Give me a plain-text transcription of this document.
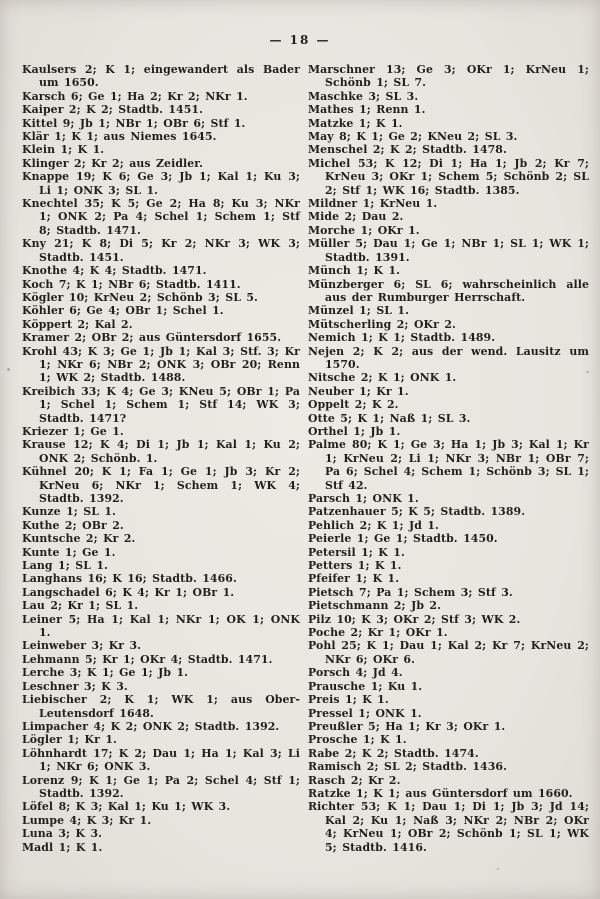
— 18 —

Kaulsers 2; K 1; eingewandert als Bader um 1650.

Karsch 6; Ge 1; Ha 2; Kr 2; NKr 1.

Kaiper 2; K 2; Stadtb. 1451.

Kittel 9; Jb 1; NBr 1; OBr 6; Stf 1.

Klär 1; K 1; aus Niemes 1645.

Klein 1; K 1.

Klinger 2; Kr 2; aus Zeidler.

Knappe 19; K 6; Ge 3; Jb 1; Kal 1; Ku 3; Li 1; ONK 3; SL 1.

Knechtel 35; K 5; Ge 2; Ha 8; Ku 3; NKr 1; ONK 2; Pa 4; Schel 1; Schem 1; Stf 8; Stadtb. 1471.

Kny 21; K 8; Di 5; Kr 2; NKr 3; WK 3; Stadtb. 1451.

Knothe 4; K 4; Stadtb. 1471.

Koch 7; K 1; NBr 6; Stadtb. 1411.

Kögler 10; KrNeu 2; Schönb 3; SL 5.

Köhler 6; Ge 4; OBr 1; Schel 1.

Köppert 2; Kal 2.

Kramer 2; OBr 2; aus Güntersdorf 1655.

Krohl 43; K 3; Ge 1; Jb 1; Kal 3; Stf. 3; Kr 1; NKr 6; NBr 2; ONK 3; OBr 20; Renn 1; WK 2; Stadtb. 1488.

Kreibich 33; K 4; Ge 3; KNeu 5; OBr 1; Pa 1; Schel 1; Schem 1; Stf 14; WK 3; Stadtb. 1471?

Kriezer 1; Ge 1.

Krause 12; K 4; Di 1; Jb 1; Kal 1; Ku 2; ONK 2; Schönb. 1.

Kühnel 20; K 1; Fa 1; Ge 1; Jb 3; Kr 2; KrNeu 6; NKr 1; Schem 1; WK 4; Stadtb. 1392.

Kunze 1; SL 1.

Kuthe 2; OBr 2.

Kuntsche 2; Kr 2.

Kunte 1; Ge 1.

Lang 1; SL 1.

Langhans 16; K 16; Stadtb. 1466.

Langschadel 6; K 4; Kr 1; OBr 1.

Lau 2; Kr 1; SL 1.

Leiner 5; Ha 1; Kal 1; NKr 1; OK 1; ONK 1.

Leinweber 3; Kr 3.

Lehmann 5; Kr 1; OKr 4; Stadtb. 1471.

Lerche 3; K 1; Ge 1; Jb 1.

Leschner 3; K 3.

Liebischer 2; K 1; WK 1; aus Ober-Leutensdorf 1648.

Limpacher 4; K 2; ONK 2; Stadtb. 1392.

Lögler 1; Kr 1.

Löhnhardt 17; K 2; Dau 1; Ha 1; Kal 3; Li 1; NKr 6; ONK 3.

Lorenz 9; K 1; Ge 1; Pa 2; Schel 4; Stf 1; Stadtb. 1392.

Löfel 8; K 3; Kal 1; Ku 1; WK 3.

Lumpe 4; K 3; Kr 1.

Luna 3; K 3.

Madl 1; K 1.

Marschner 13; Ge 3; OKr 1; KrNeu 1; Schönb 1; SL 7.

Maschke 3; SL 3.

Mathes 1; Renn 1.

Matzke 1; K 1.

May 8; K 1; Ge 2; KNeu 2; SL 3.

Menschel 2; K 2; Stadtb. 1478.

Michel 53; K 12; Di 1; Ha 1; Jb 2; Kr 7; KrNeu 3; OKr 1; Schem 5; Schönb 2; SL 2; Stf 1; WK 16; Stadtb. 1385.

Mildner 1; KrNeu 1.

Mide 2; Dau 2.

Morche 1; OKr 1.

Müller 5; Dau 1; Ge 1; NBr 1; SL 1; WK 1; Stadtb. 1391.

Münch 1; K 1.

Münzberger 6; SL 6; wahrscheinlich alle aus der Rumburger Herrschaft.

Münzel 1; SL 1.

Mütscherling 2; OKr 2.

Nemich 1; K 1; Stadtb. 1489.

Nejen 2; K 2; aus der wend. Lausitz um 1570.

Nitsche 2; K 1; ONK 1.

Neuber 1; Kr 1.

Oppelt 2; K 2.

Otte 5; K 1; Naß 1; SL 3.

Orthel 1; Jb 1.

Palme 80; K 1; Ge 3; Ha 1; Jb 3; Kal 1; Kr 1; KrNeu 2; Li 1; NKr 3; NBr 1; OBr 7; Pa 6; Schel 4; Schem 1; Schönb 3; SL 1; Stf 42.

Parsch 1; ONK 1.

Patzenhauer 5; K 5; Stadtb. 1389.

Pehlich 2; K 1; Jd 1.

Peierle 1; Ge 1; Stadtb. 1450.

Petersil 1; K 1.

Petters 1; K 1.

Pfeifer 1; K 1.

Pietsch 7; Pa 1; Schem 3; Stf 3.

Pietschmann 2; Jb 2.

Pilz 10; K 3; OKr 2; Stf 3; WK 2.

Poche 2; Kr 1; OKr 1.

Pohl 25; K 1; Dau 1; Kal 2; Kr 7; KrNeu 2; NKr 6; OKr 6.

Porsch 4; Jd 4.

Prausche 1; Ku 1.

Preis 1; K 1.

Pressel 1; ONK 1.

Preußler 5; Ha 1; Kr 3; OKr 1.

Prosche 1; K 1.

Rabe 2; K 2; Stadtb. 1474.

Ramisch 2; SL 2; Stadtb. 1436.

Rasch 2; Kr 2.

Ratzke 1; K 1; aus Güntersdorf um 1660.

Richter 53; K 1; Dau 1; Di 1; Jb 3; Jd 14; Kal 2; Ku 1; Naß 3; NKr 2; NBr 2; OKr 4; KrNeu 1; OBr 2; Schönb 1; SL 1; WK 5; Stadtb. 1416.
